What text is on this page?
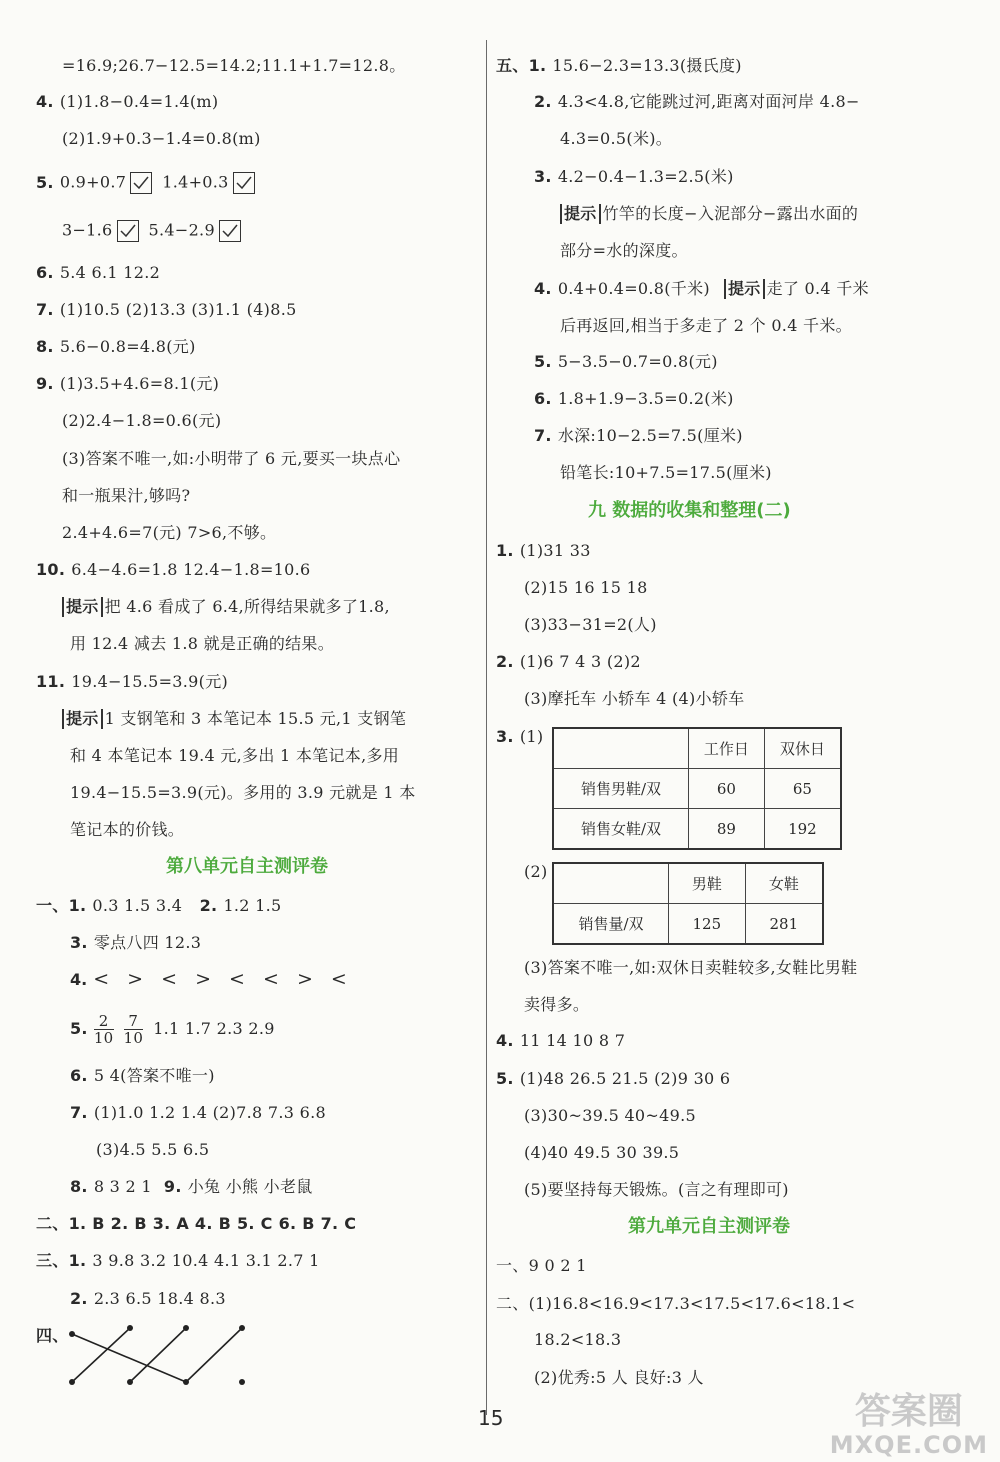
=16.9;26.7−12.5=14.2;11.1+1.7=12.8。
4. (1)1.8−0.4=1.4(m)
(2)1.9+0.3−1.4=0.8(m)
5. 0.9+0.7 1.4+0.3
3−1.6 5.4−2.9
6. 5.4 6.1 12.2
7. (1)10.5 (2)13.3 (3)1.1 (4)8.5
8. 5.6−0.8=4.8(元)
9. (1)3.5+4.6=8.1(元)
(2)2.4−1.8=0.6(元)
(3)答案不唯一,如:小明带了 6 元,要买一块点心
和一瓶果汁,够吗?
2.4+4.6=7(元) 7>6,不够。
10. 6.4−4.6=1.8 12.4−1.8=10.6
提示 把 4.6 看成了 6.4,所得结果就多了1.8,
用 12.4 减去 1.8 就是正确的结果。
11. 19.4−15.5=3.9(元)
提示 1 支钢笔和 3 本笔记本 15.5 元,1 支钢笔
和 4 本笔记本 19.4 元,多出 1 本笔记本,多用
19.4−15.5=3.9(元)。多用的 3.9 元就是 1 本
笔记本的价钱。
第八单元自主测评卷
一、1. 0.3 1.5 3.4 2. 1.2 1.5
3. 零点八四 12.3
4. < > < > < < > <
5. $\frac{2}{10} \frac{7}{10} 1.1$ 1.7 2.3 2.9
6. 5 4(答案不唯一)
7. (1)1.0 1.2 1.4 (2)7.8 7.3 6.8
(3)4.5 5.5 6.5
8. 8 3 2 1 9. 小兔 小熊 小老鼠
二、1. B 2. B 3. A 4. B 5. C 6. B 7. C
三、1. 3 9.8 3.2 10.4 4.1 3.1 2.7 1
2. 2.3 6.5 18.4 8.3
四、
五、1. 15.6−2.3=13.3(摄氏度)
2. 4.3<4.8,它能跳过河,距离对面河岸 4.8−
4.3=0.5(米)。
3. 4.2−0.4−1.3=2.5(米)
提示 竹竿的长度−入泥部分−露出水面的
部分=水的深度。
4. 0.4+0.4=0.8(千米) 提示 走了 0.4 千米
后再返回,相当于多走了 2 个 0.4 千米。
5. 5−3.5−0.7=0.8(元)
6. 1.8+1.9−3.5=0.2(米)
7. 水深:10−2.5=7.5(厘米)
铅笔长:10+7.5=17.5(厘米)
九 数据的收集和整理(二)
1. (1)31 33
(2)15 16 15 18
(3)33−31=2(人)
2. (1)6 7 4 3 (2)2
(3)摩托车 小轿车 4 (4)小轿车
3. (1)
	工作日	双休日
销售男鞋/双	60	65
销售女鞋/双	89	192
(2)
	男鞋	女鞋
销售量/双	125	281
(3)答案不唯一,如:双休日卖鞋较多,女鞋比男鞋
卖得多。
4. 11 14 10 8 7
5. (1)48 26.5 21.5 (2)9 30 6
(3)30~39.5 40~49.5
(4)40 49.5 30 39.5
(5)要坚持每天锻炼。(言之有理即可)
第九单元自主测评卷
一、9 0 2 1
二、(1)16.8<16.9<17.3<17.5<17.6<18.1<
18.2<18.3
(2)优秀:5 人 良好:3 人
15	答案圈
MXQE.COM
